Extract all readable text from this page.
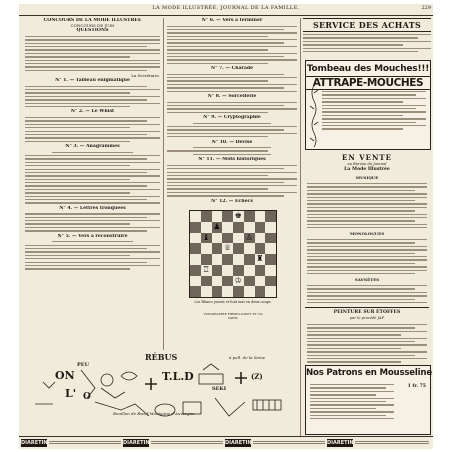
LA MODE ILLUSTRÉE, JOURNAL DE LA FAMILLE.	229
CONCOURS DE LA MODE ILLUSTRÉE
CONCOURS DE JUIN
QUESTIONS
La Secrétaire.
N° 1. — Tableau énigmatique
N° 2. — Le Whist
N° 3. — Anagrammes
N° 4. — Lettres tronquées
N° 5. — Vers à reconstruire
N° 6. — Vers à terminer
N° 7. — Charade
N° 8. — Sorcellerie
N° 9. — Cryptographie
N° 10. — Devise
N° 11. — Mots historiques
N° 12. — Echecs
♚
♟
♙
♕
♜
♖
♔
♝
Les Blancs jouent et font mat en deux coups.
TYPOGRAPHIE FIRMIN-DIDOT ET Cie
PARIS
RÉBUS
PEU
ON	T.L.D	(Z)
L' O
SEKI
à pell. de la Seine
Bouillon de Bœuf Montagne d'Auvergne
SERVICE DES ACHATS
Tombeau des Mouches!!!
ATTRAPE-MOUCHES
EN VENTE
au Bureau du Journal
La Mode Illustrée
MUSIQUE
MONOLOGUES
SAYNÈTES
PEINTURE SUR ÉTOFFES
par le procédé JAP
Nos Patrons en Mousseline
1 fr. 75
DIARETIN	DIARETIN	DIARETIN	DIARETIN
